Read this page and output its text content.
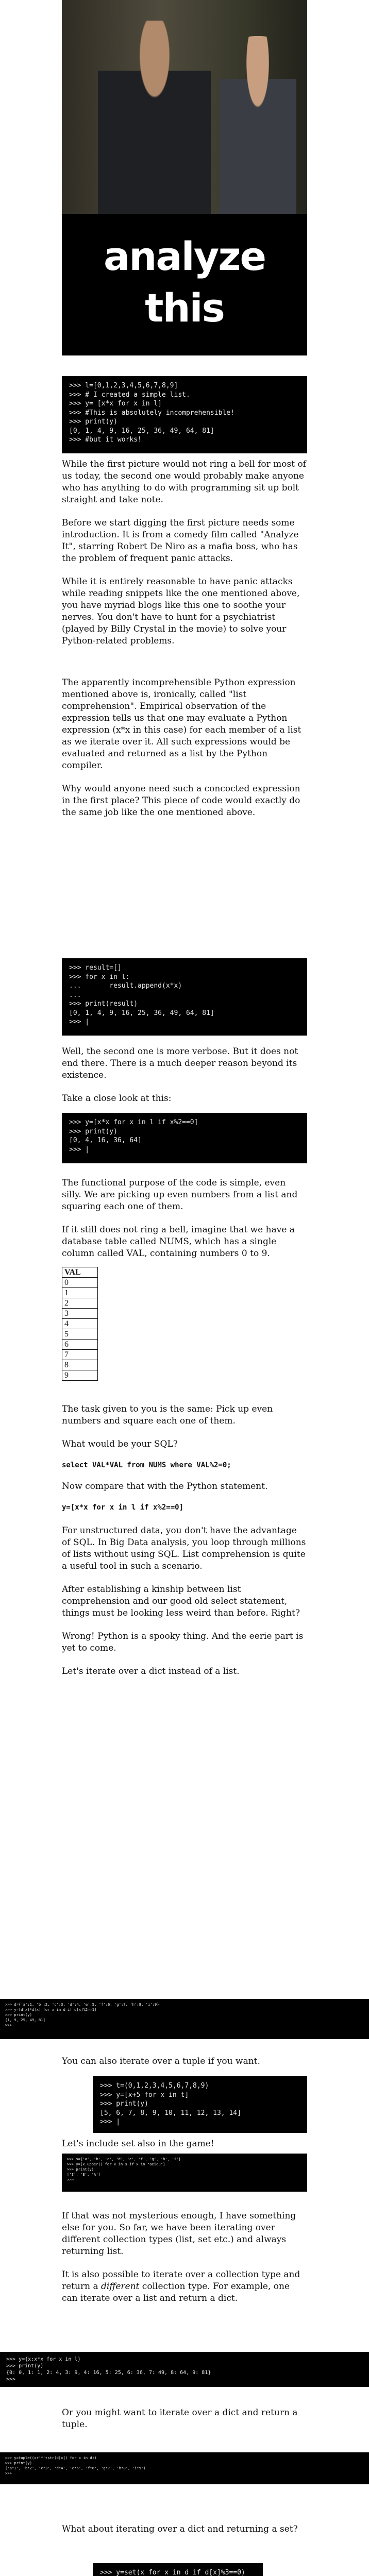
analyze
this
>>> l=[0,1,2,3,4,5,6,7,8,9]
>>> # I created a simple list.
>>> y= [x*x for x in l]
>>> #This is absolutely incomprehensible!
>>> print(y)
[0, 1, 4, 9, 16, 25, 36, 49, 64, 81]
>>> #but it works!

While the first picture would not ring a bell for most of us today, the second one would probably make anyone who has anything to do with programming sit up bolt straight and take note.

Before we start digging the first picture needs some introduction. It is from a comedy film called "Analyze It", starring Robert De Niro as a mafia boss, who has the problem of frequent panic attacks.

While it is entirely reasonable to have panic attacks while reading snippets like the one mentioned above, you have myriad blogs like this one to soothe your nerves. You don't have to hunt for a psychiatrist (played by Billy Crystal in the movie) to solve your Python-related problems.

The apparently incomprehensible Python expression mentioned above is, ironically, called "list comprehension". Empirical observation of the expression tells us that one may evaluate a Python expression (x*x in this case) for each member of a list as we iterate over it. All such expressions would be evaluated and returned as a list by the Python compiler.

Why would anyone need such a concocted expression in the first place? This piece of code would exactly do the same job like the one mentioned above.

>>> result=[]
>>> for x in l:
...       result.append(x*x)
...
>>> print(result)
[0, 1, 4, 9, 16, 25, 36, 49, 64, 81]
>>> |

Well, the second one is more verbose. But it does not end there. There is a much deeper reason beyond its existence.

Take a close look at this:

>>> y=[x*x for x in l if x%2==0]
>>> print(y)
[0, 4, 16, 36, 64]
>>> |

The functional purpose of the code is simple, even silly. We are picking up even numbers from a list and squaring each one of them.

If it still does not ring a bell, imagine that we have a database table called NUMS, which has a single column called VAL, containing numbers 0 to 9.

VAL
0
1
2
3
4
5
6
7
8
9

The task given to you is the same: Pick up even numbers and square each one of them.

What would be your SQL?

select VAL*VAL from NUMS where VAL%2=0;

Now compare that with the Python statement.

y=[x*x for x in l if x%2==0]

For unstructured data, you don't have the advantage of SQL. In Big Data analysis, you loop through millions of lists without using SQL. List comprehension is quite a useful tool in such a scenario.

After establishing a kinship between list comprehension and our good old select statement, things must be looking less weird than before. Right?

Wrong! Python is a spooky thing. And the eerie part is yet to come.

Let's iterate over a dict instead of a list.

>>> d={'a':1, 'b':2, 'c':3, 'd':4, 'e':5, 'f':6, 'g':7, 'h':8, 'i':9}
>>> y=[d[x]*d[x] for x in d if d[x]%2==1]
>>> print(y)
[1, 9, 25, 49, 81]
>>>

You can also iterate over a tuple if you want.

>>> t=(0,1,2,3,4,5,6,7,8,9)
>>> y=[x+5 for x in t]
>>> print(y)
[5, 6, 7, 8, 9, 10, 11, 12, 13, 14]
>>> |

Let's include set also in the game!

>>> s={'a', 'b', 'c', 'd', 'e', 'f', 'g', 'h', 'i'}
>>> y=[x.upper() for x in s if x in "aeiou"]
>>> print(y)
['I', 'E', 'A']
>>>

If that was not mysterious enough, I have something else for you. So far, we have been iterating over different collection types (list, set etc.) and always returning list.

It is also possible to iterate over a collection type and return a different collection type. For example, one can iterate over a list and return a dict.

>>> y={x:x*x for x in l}
>>> print(y)
{0: 0, 1: 1, 2: 4, 3: 9, 4: 16, 5: 25, 6: 36, 7: 49, 8: 64, 9: 81}
>>>

Or you might want to iterate over a dict and return a tuple.

>>> y=tuple((x+'*'+str(d[x]) for x in d))
>>> print(y)
('a*1', 'b*2', 'c*3', 'd*4', 'e*5', 'f*6', 'g*7', 'h*8', 'i*9')
>>>

What about iterating over a dict and returning a set?

>>> y=set(x for x in d if d[x]%3==0)
